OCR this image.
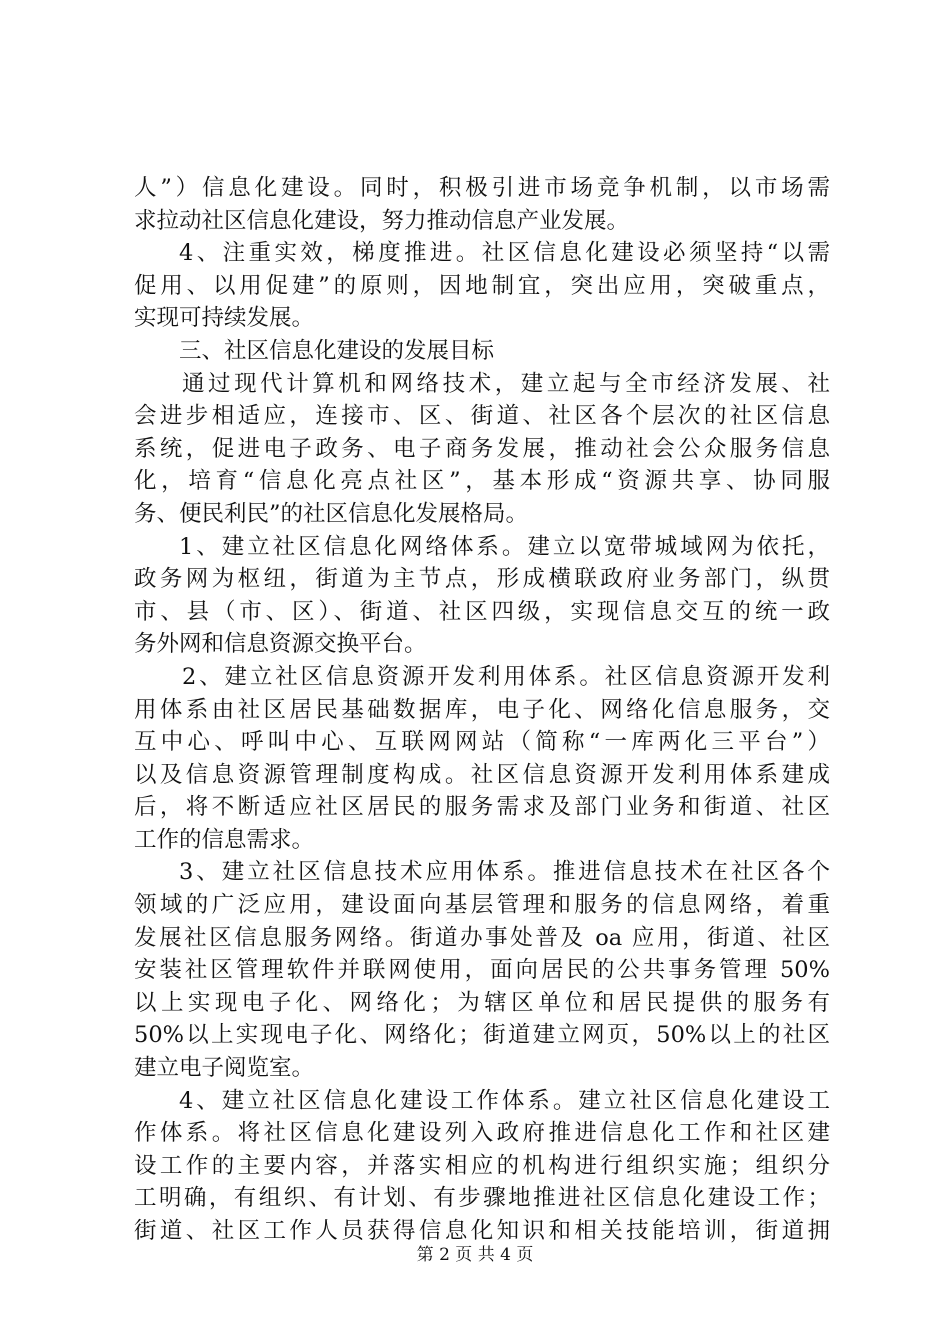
人”）信息化建设。同时，积极引进市场竞争机制，以市场需
求拉动社区信息化建设，努力推动信息产业发展。
4、注重实效，梯度推进。社区信息化建设必须坚持“以需
促用、以用促建”的原则，因地制宜，突出应用，突破重点，
实现可持续发展。
三、社区信息化建设的发展目标
通过现代计算机和网络技术，建立起与全市经济发展、社
会进步相适应，连接市、区、街道、社区各个层次的社区信息
系统，促进电子政务、电子商务发展，推动社会公众服务信息
化，培育“信息化亮点社区”，基本形成“资源共享、协同服
务、便民利民”的社区信息化发展格局。
1、建立社区信息化网络体系。建立以宽带城域网为依托，
政务网为枢纽，街道为主节点，形成横联政府业务部门，纵贯
市、县（市、区）、街道、社区四级，实现信息交互的统一政
务外网和信息资源交换平台。
2、建立社区信息资源开发利用体系。社区信息资源开发利
用体系由社区居民基础数据库，电子化、网络化信息服务，交
互中心、呼叫中心、互联网网站（简称“一库两化三平台”）
以及信息资源管理制度构成。社区信息资源开发利用体系建成
后，将不断适应社区居民的服务需求及部门业务和街道、社区
工作的信息需求。
3、建立社区信息技术应用体系。推进信息技术在社区各个
领域的广泛应用，建设面向基层管理和服务的信息网络，着重
发展社区信息服务网络。街道办事处普及 oa 应用，街道、社区
安装社区管理软件并联网使用，面向居民的公共事务管理 50%
以上实现电子化、网络化；为辖区单位和居民提供的服务有
50%以上实现电子化、网络化；街道建立网页，50%以上的社区
建立电子阅览室。
4、建立社区信息化建设工作体系。建立社区信息化建设工
作体系。将社区信息化建设列入政府推进信息化工作和社区建
设工作的主要内容，并落实相应的机构进行组织实施；组织分
工明确，有组织、有计划、有步骤地推进社区信息化建设工作；
街道、社区工作人员获得信息化知识和相关技能培训，街道拥
第 2 页 共 4 页
